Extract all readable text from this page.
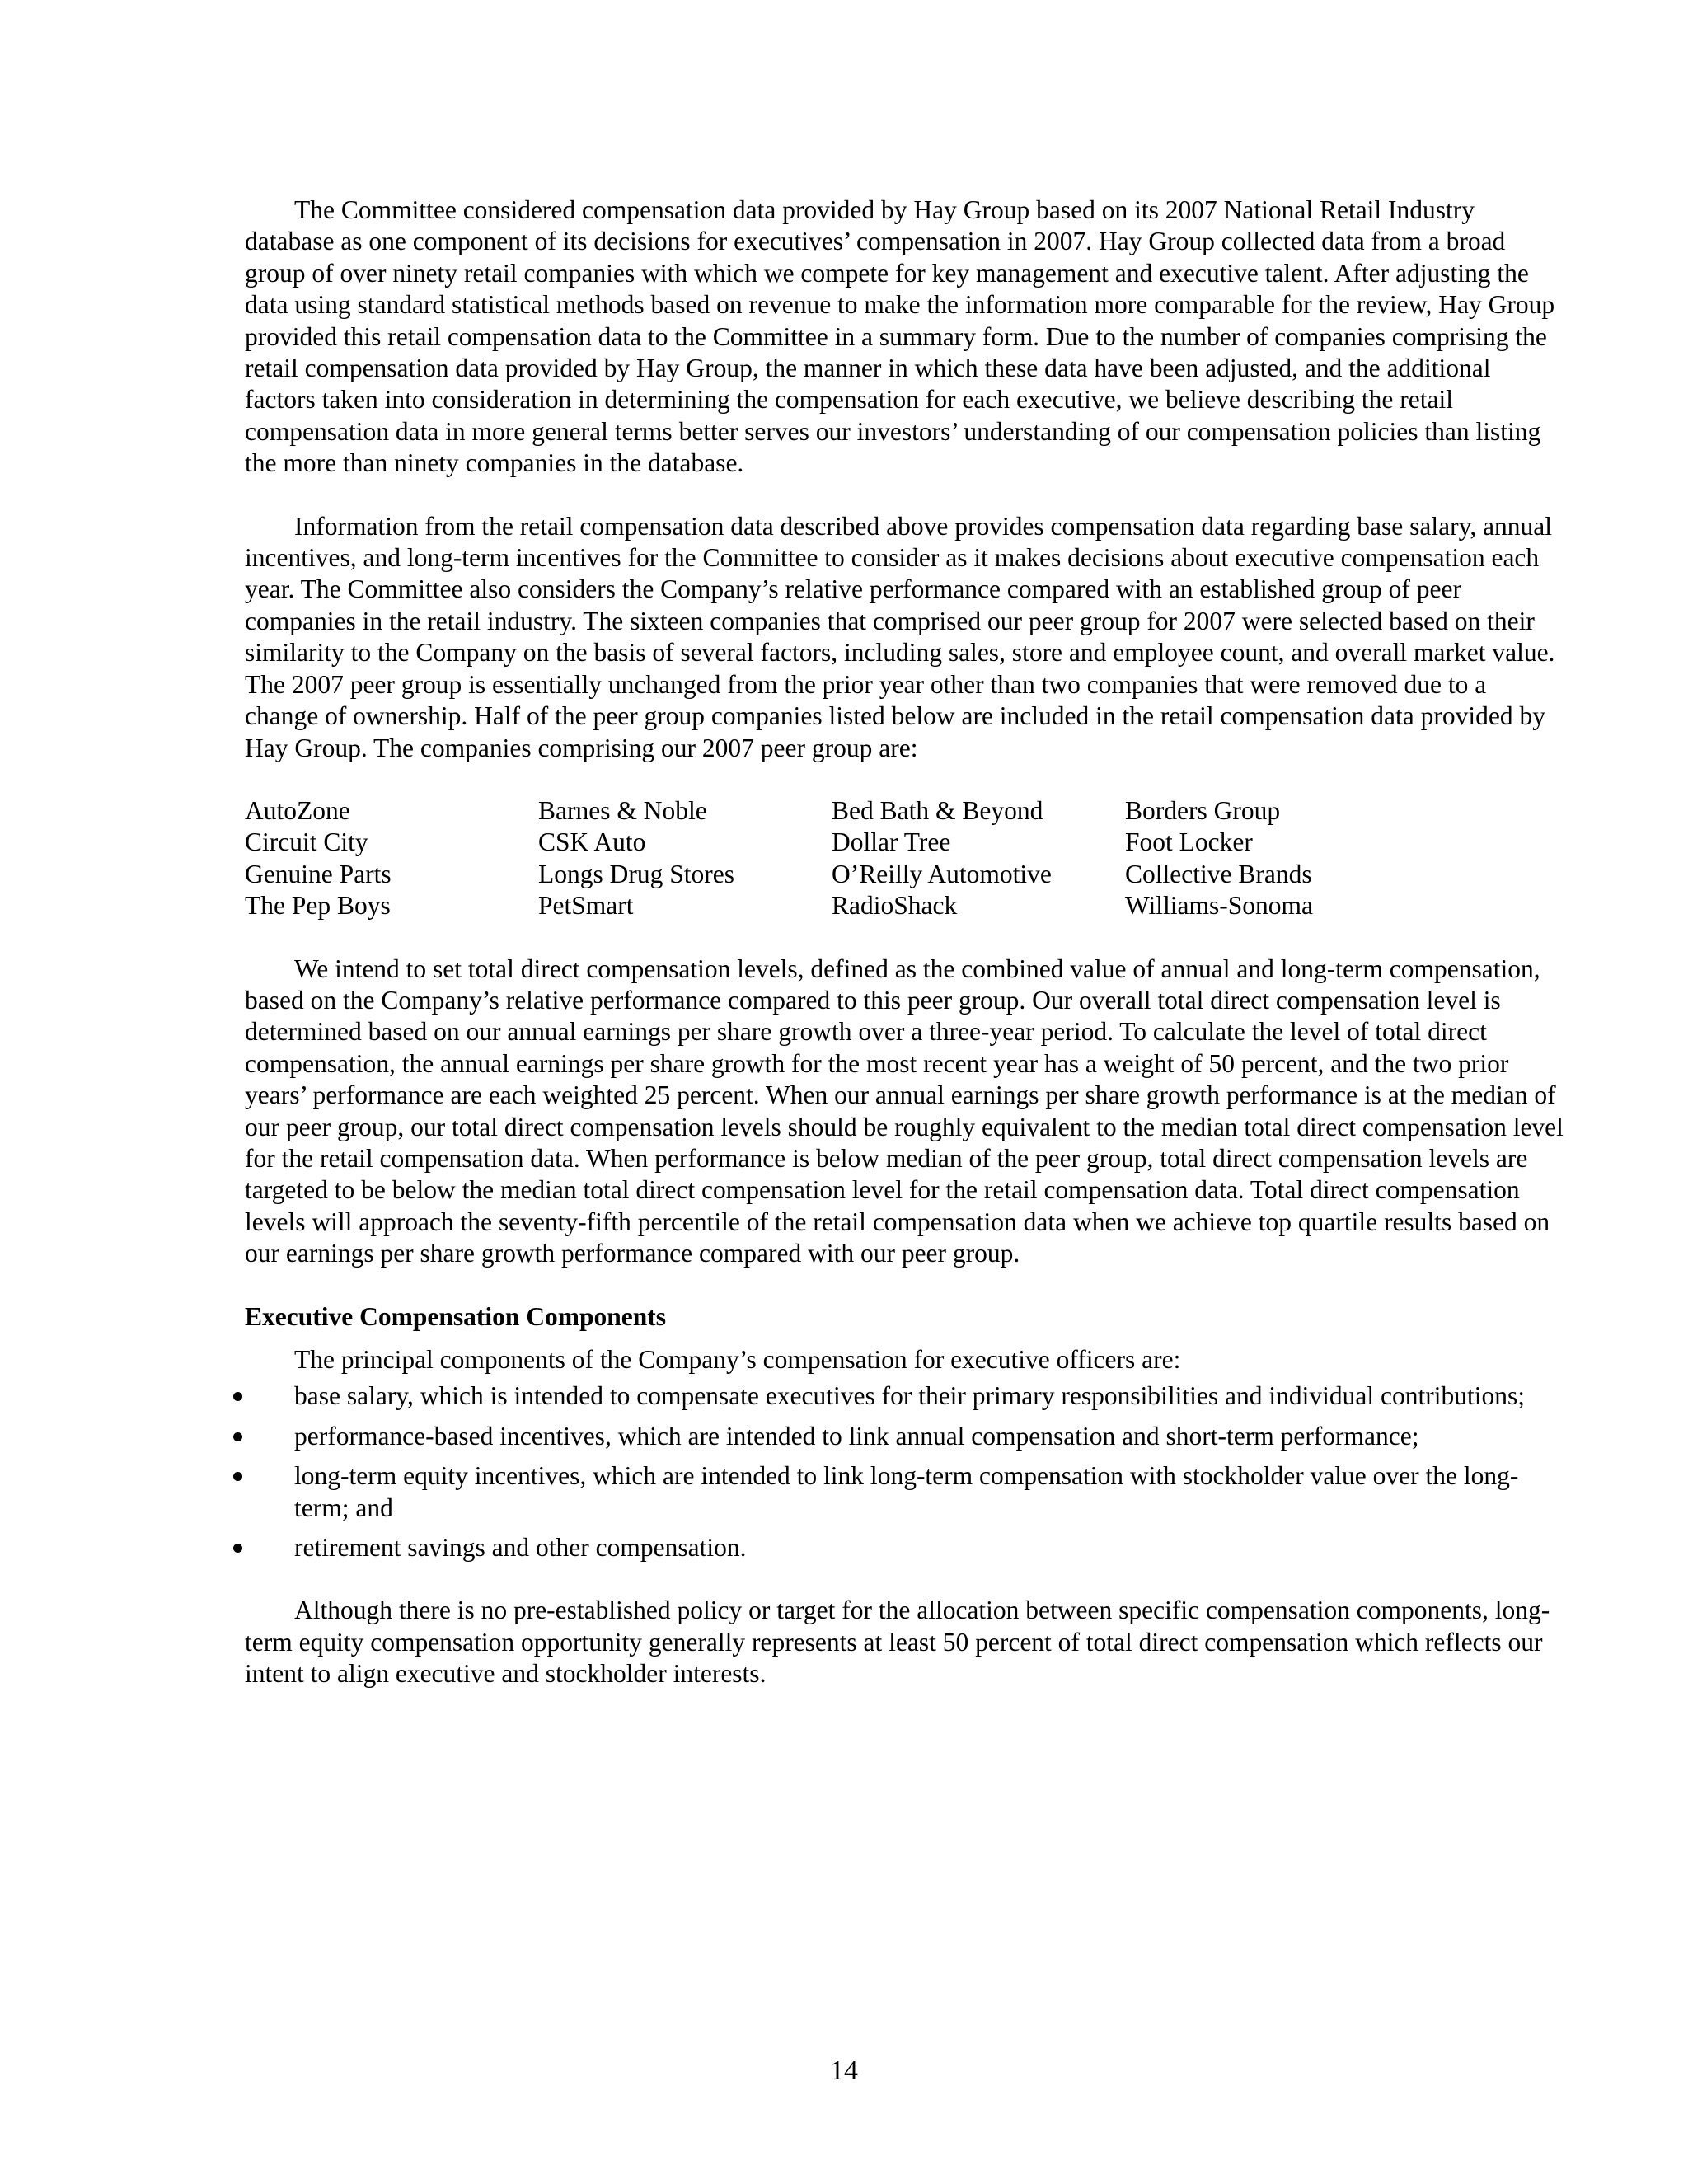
The Committee considered compensation data provided by Hay Group based on its 2007 National Retail Industry database as one component of its decisions for executives’ compensation in 2007. Hay Group collected data from a broad group of over ninety retail companies with which we compete for key management and executive talent. After adjusting the data using standard statistical methods based on revenue to make the information more comparable for the review, Hay Group provided this retail compensation data to the Committee in a summary form. Due to the number of companies comprising the retail compensation data provided by Hay Group, the manner in which these data have been adjusted, and the additional factors taken into consideration in determining the compensation for each executive, we believe describing the retail compensation data in more general terms better serves our investors’ understanding of our compensation policies than listing the more than ninety companies in the database.

Information from the retail compensation data described above provides compensation data regarding base salary, annual incentives, and long-term incentives for the Committee to consider as it makes decisions about executive compensation each year. The Committee also considers the Company’s relative performance compared with an established group of peer companies in the retail industry. The sixteen companies that comprised our peer group for 2007 were selected based on their similarity to the Company on the basis of several factors, including sales, store and employee count, and overall market value. The 2007 peer group is essentially unchanged from the prior year other than two companies that were removed due to a change of ownership. Half of the peer group companies listed below are included in the retail compensation data provided by Hay Group. The companies comprising our 2007 peer group are:

AutoZone	Barnes & Noble	Bed Bath & Beyond	Borders Group
Circuit City	CSK Auto	Dollar Tree	Foot Locker
Genuine Parts	Longs Drug Stores	O’Reilly Automotive	Collective Brands
The Pep Boys	PetSmart	RadioShack	Williams-Sonoma

We intend to set total direct compensation levels, defined as the combined value of annual and long-term compensation, based on the Company’s relative performance compared to this peer group. Our overall total direct compensation level is determined based on our annual earnings per share growth over a three-year period. To calculate the level of total direct compensation, the annual earnings per share growth for the most recent year has a weight of 50 percent, and the two prior years’ performance are each weighted 25 percent. When our annual earnings per share growth performance is at the median of our peer group, our total direct compensation levels should be roughly equivalent to the median total direct compensation level for the retail compensation data. When performance is below median of the peer group, total direct compensation levels are targeted to be below the median total direct compensation level for the retail compensation data. Total direct compensation levels will approach the seventy-fifth percentile of the retail compensation data when we achieve top quartile results based on our earnings per share growth performance compared with our peer group.

Executive Compensation Components

The principal components of the Company’s compensation for executive officers are:

base salary, which is intended to compensate executives for their primary responsibilities and individual contributions;
performance-based incentives, which are intended to link annual compensation and short-term performance;
long-term equity incentives, which are intended to link long-term compensation with stockholder value over the long-term; and
retirement savings and other compensation.

Although there is no pre-established policy or target for the allocation between specific compensation components, long-term equity compensation opportunity generally represents at least 50 percent of total direct compensation which reflects our intent to align executive and stockholder interests.

14
